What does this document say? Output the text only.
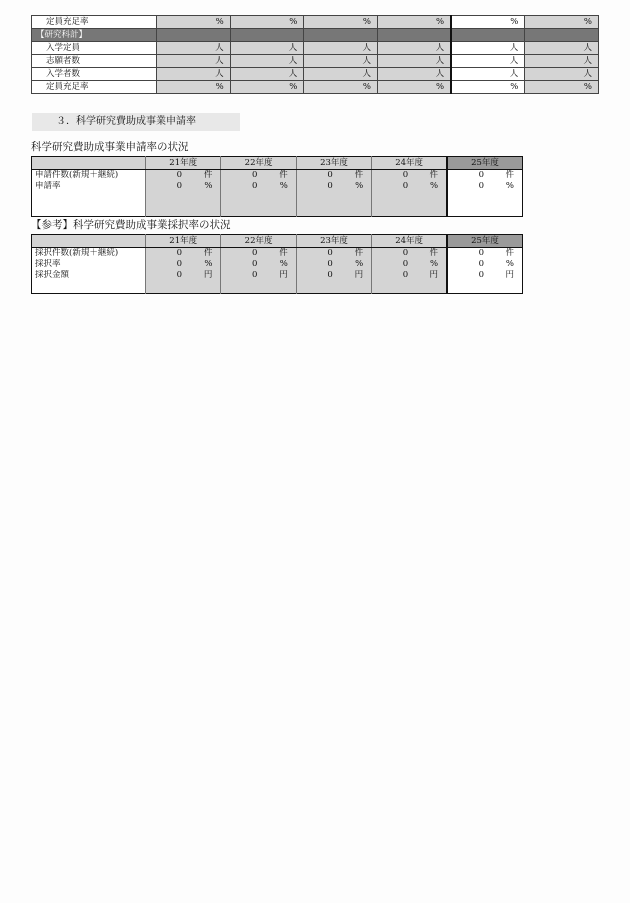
定員充足率	%	%	%	%	%	%
【研究科計】						
入学定員	人	人	人	人	人	人
志願者数	人	人	人	人	人	人
入学者数	人	人	人	人	人	人
定員充足率	%	%	%	%	%	%
３．科学研究費助成事業申請率
科学研究費助成事業申請率の状況
	21年度	22年度	23年度	24年度	25年度
申請件数(新規＋継続)	0 件	0 件	0 件	0 件	0 件

申請率	0 %	0 %	0 %	0 %	0 %

【参考】科学研究費助成事業採択率の状況
	21年度	22年度	23年度	24年度	25年度
採択件数(新規＋継続)	0 件	0 件	0 件	0 件	0 件

採択率	0 %	0 %	0 %	0 %	0 %

採択金額	0 円	0 円	0 円	0 円	0 円
